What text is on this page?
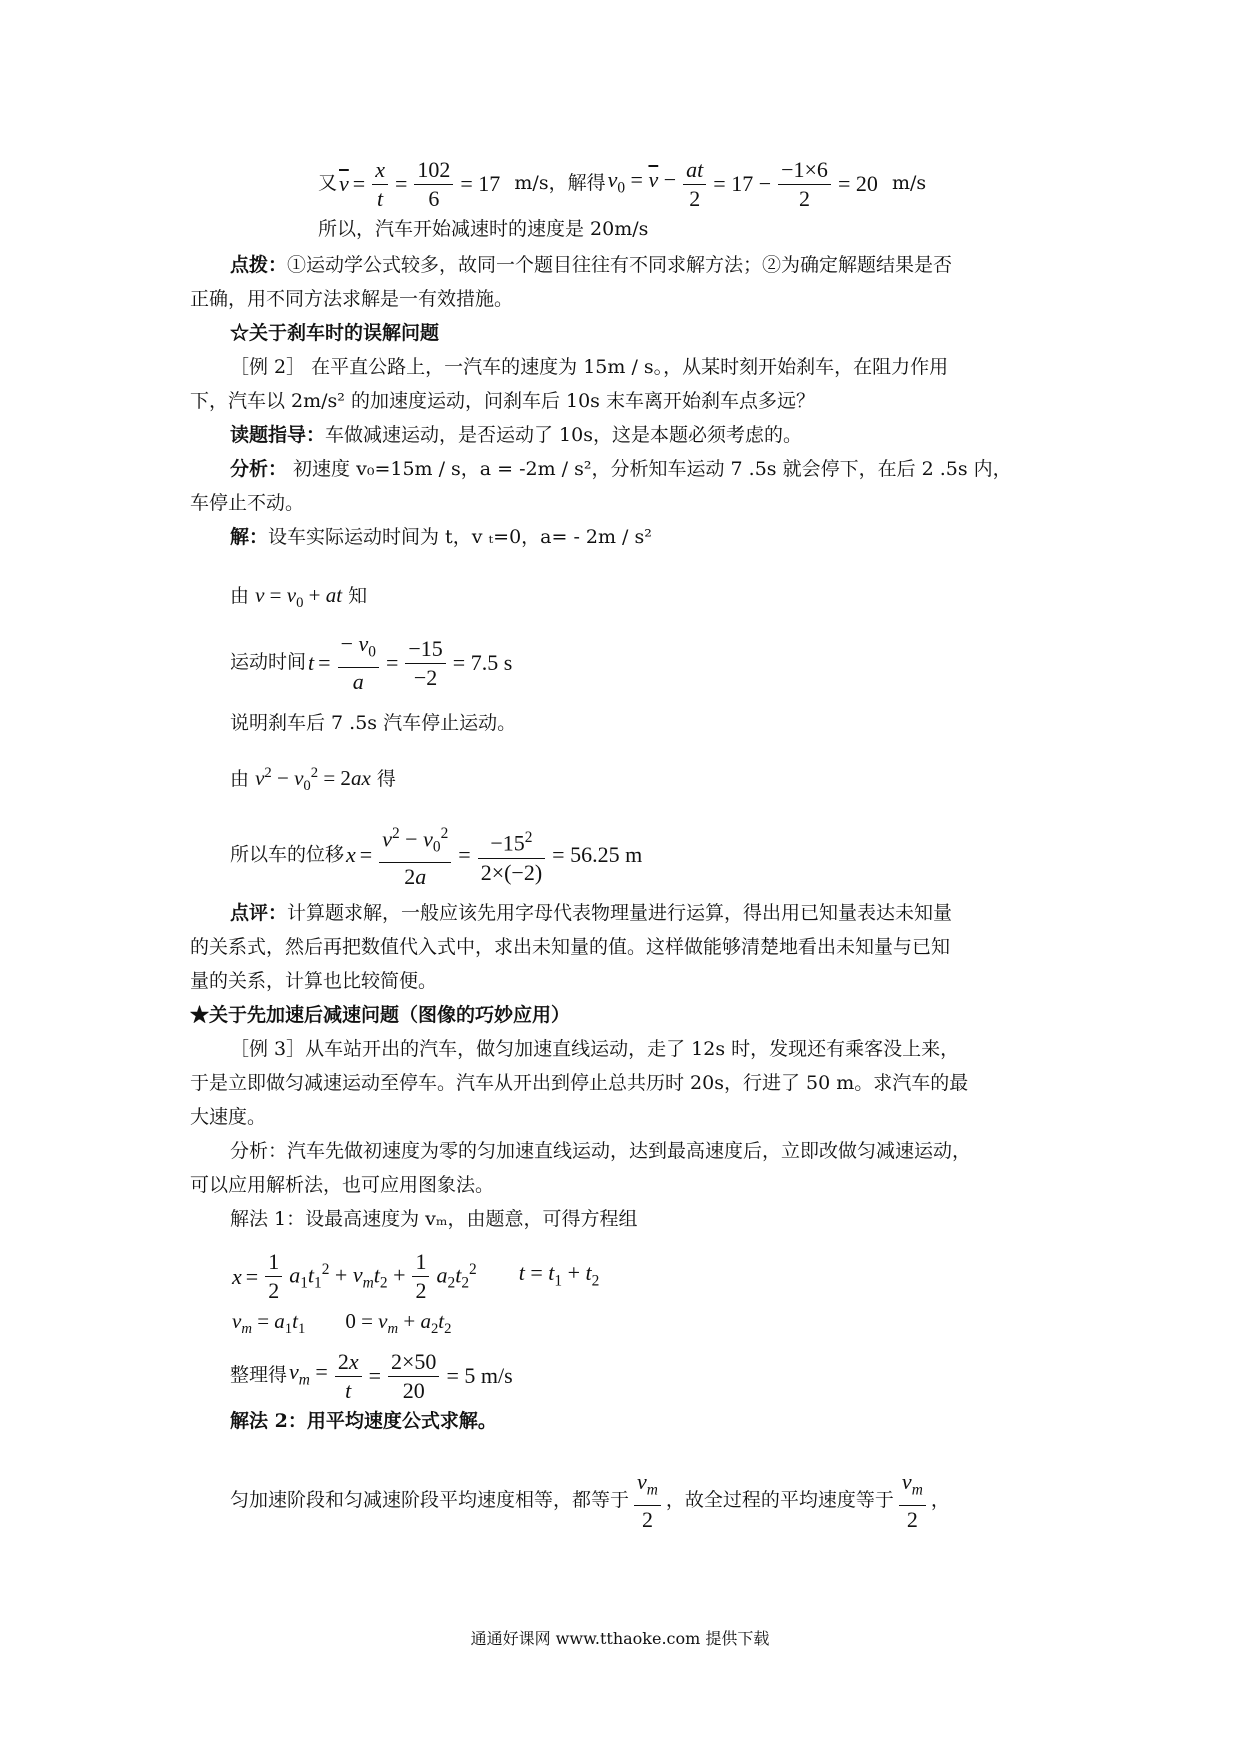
又$\overline{v} = \frac{x}{t} = \frac{102}{6} = 17$ m/s，解得$v_0 = \overline{v} - \frac{at}{2} = 17 - \frac{-1\times 6}{2} = 20$ m/s
所以，汽车开始减速时的速度是 20m/s
点拨：①运动学公式较多，故同一个题目往往有不同求解方法；②为确定解题结果是否
正确，用不同方法求解是一有效措施。
☆关于刹车时的误解问题
［例 2］ 在平直公路上，一汽车的速度为 15m / s。，从某时刻开始刹车，在阻力作用
下，汽车以 2m/s² 的加速度运动，问刹车后 10s 末车离开始刹车点多远？
读题指导：车做减速运动，是否运动了 10s，这是本题必须考虑的。
分析： 初速度 v₀=15m / s，a = -2m / s²，分析知车运动 7 .5s 就会停下，在后 2 .5s 内，
车停止不动。
解：设车实际运动时间为 t，v ₜ=0，a= - 2m / s²
由 $v = v_0$ + at 知
运动时间$t = \frac{- v_0}{a} = \frac{-15}{-2} = 7.5$ s
说明刹车后 7 .5s 汽车停止运动。
由 $v^2 - v_0^2 = 2ax$ 得
所以车的位移$x = \frac{v^2 - v_0^2}{2a} = \frac{-15^2}{2\times(-2)} = 56.25$ m
点评：计算题求解，一般应该先用字母代表物理量进行运算，得出用已知量表达未知量
的关系式，然后再把数值代入式中，求出未知量的值。这样做能够清楚地看出未知量与已知
量的关系，计算也比较简便。
★关于先加速后减速问题（图像的巧妙应用）
［例 3］从车站开出的汽车，做匀加速直线运动，走了 12s 时，发现还有乘客没上来，
于是立即做匀减速运动至停车。汽车从开出到停止总共历时 20s，行进了 50 m。求汽车的最
大速度。
分析：汽车先做初速度为零的匀加速直线运动，达到最高速度后，立即改做匀减速运动，
可以应用解析法，也可应用图象法。
解法 1：设最高速度为 vₘ，由题意，可得方程组
$x = \frac{1}{2} a_1t_1^2 + v_mt_2 + \frac{1}{2} a_2t_2^2$ $t = t_1 + t_2$
$v_m = a_1t_1$ $0 = v_m + a_2t_2$
整理得$v_m = \frac{2x}{t} = \frac{2\times 50}{20} = 5$ m/s
解法 2：用平均速度公式求解。
匀加速阶段和匀减速阶段平均速度相等，都等于 $\frac{v_m}{2}$ ，故全过程的平均速度等于 $\frac{v_m}{2}$ ，
通通好课网 www.tthaoke.com 提供下载
